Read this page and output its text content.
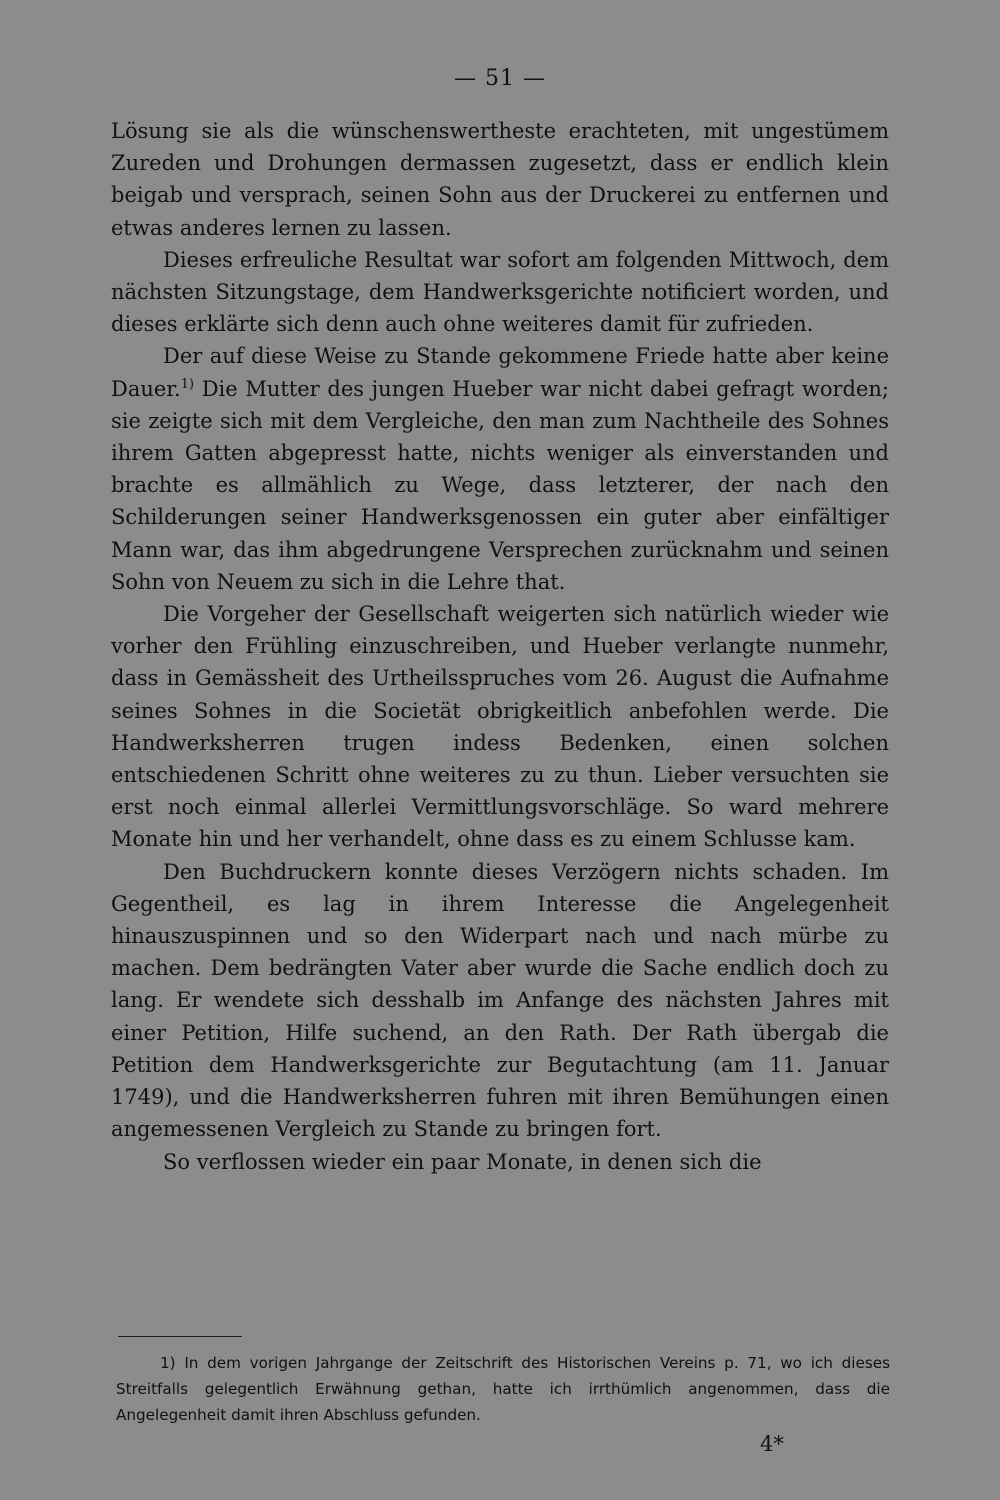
— 51 —

Lösung sie als die wünschenswertheste erachteten, mit ungestümem Zureden und Drohungen dermassen zugesetzt, dass er endlich klein beigab und versprach, seinen Sohn aus der Druckerei zu entfernen und etwas anderes lernen zu lassen.

Dieses erfreuliche Resultat war sofort am folgenden Mittwoch, dem nächsten Sitzungstage, dem Handwerksgerichte notificiert worden, und dieses erklärte sich denn auch ohne weiteres damit für zufrieden.

Der auf diese Weise zu Stande gekommene Friede hatte aber keine Dauer.$^{1)}$ Die Mutter des jungen Hueber war nicht dabei gefragt worden; sie zeigte sich mit dem Vergleiche, den man zum Nachtheile des Sohnes ihrem Gatten abgepresst hatte, nichts weniger als einverstanden und brachte es allmählich zu Wege, dass letzterer, der nach den Schilderungen seiner Handwerksgenossen ein guter aber einfältiger Mann war, das ihm abgedrungene Versprechen zurücknahm und seinen Sohn von Neuem zu sich in die Lehre that.

Die Vorgeher der Gesellschaft weigerten sich natürlich wieder wie vorher den Frühling einzuschreiben, und Hueber verlangte nunmehr, dass in Gemässheit des Urtheilsspruches vom 26. August die Aufnahme seines Sohnes in die Societät obrigkeitlich anbefohlen werde. Die Handwerksherren trugen indess Bedenken, einen solchen entschiedenen Schritt ohne weiteres zu zu thun. Lieber versuchten sie erst noch einmal allerlei Vermittlungsvorschläge. So ward mehrere Monate hin und her verhandelt, ohne dass es zu einem Schlusse kam.

Den Buchdruckern konnte dieses Verzögern nichts schaden. Im Gegentheil, es lag in ihrem Interesse die Angelegenheit hinauszuspinnen und so den Widerpart nach und nach mürbe zu machen. Dem bedrängten Vater aber wurde die Sache endlich doch zu lang. Er wendete sich desshalb im Anfange des nächsten Jahres mit einer Petition, Hilfe suchend, an den Rath. Der Rath übergab die Petition dem Handwerksgerichte zur Begutachtung (am 11. Januar 1749), und die Handwerksherren fuhren mit ihren Bemühungen einen angemessenen Vergleich zu Stande zu bringen fort.

So verflossen wieder ein paar Monate, in denen sich die

1) In dem vorigen Jahrgange der Zeitschrift des Historischen Vereins p. 71, wo ich dieses Streitfalls gelegentlich Erwähnung gethan, hatte ich irrthümlich angenommen, dass die Angelegenheit damit ihren Abschluss gefunden.

4*
